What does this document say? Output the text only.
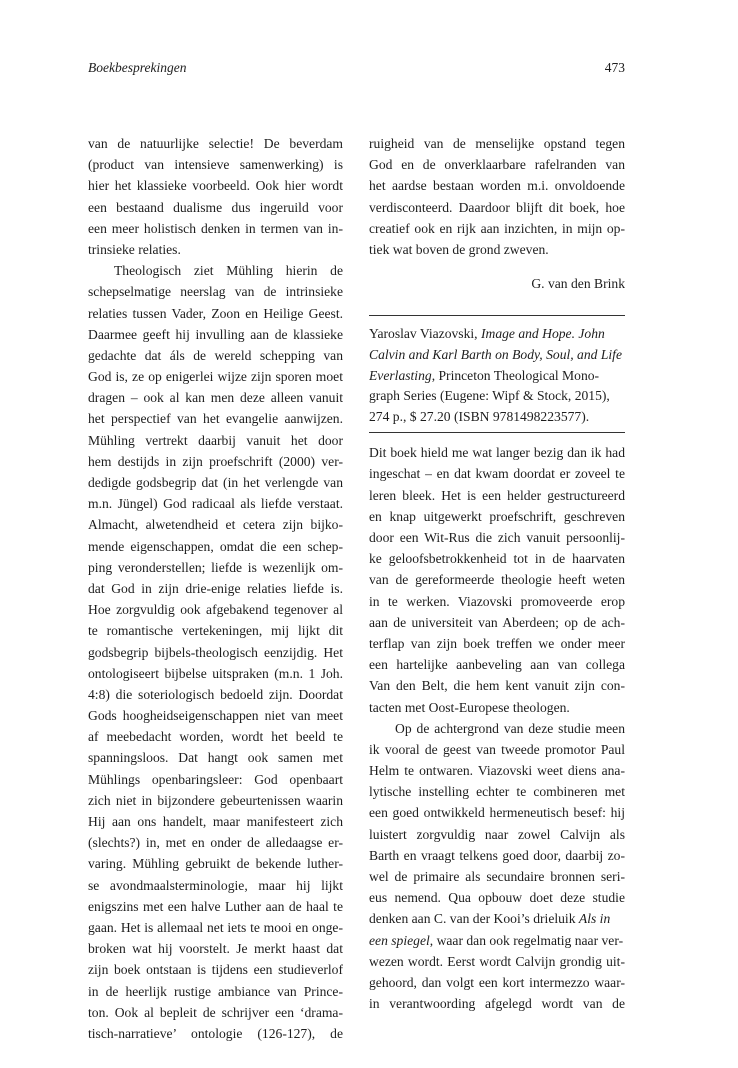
Boekbesprekingen	473
van de natuurlijke selectie! De beverdam
(product van intensieve samenwerking) is
hier het klassieke voorbeeld. Ook hier wordt
een bestaand dualisme dus ingeruild voor
een meer holistisch denken in termen van in-
trinsieke relaties.
Theologisch ziet Mühling hierin de
schepselmatige neerslag van de intrinsieke
relaties tussen Vader, Zoon en Heilige Geest.
Daarmee geeft hij invulling aan de klassieke
gedachte dat áls de wereld schepping van
God is, ze op enigerlei wijze zijn sporen moet
dragen – ook al kan men deze alleen vanuit
het perspectief van het evangelie aanwijzen.
Mühling vertrekt daarbij vanuit het door
hem destijds in zijn proefschrift (2000) ver-
dedigde godsbegrip dat (in het verlengde van
m.n. Jüngel) God radicaal als liefde verstaat.
Almacht, alwetendheid et cetera zijn bijko-
mende eigenschappen, omdat die een schep-
ping veronderstellen; liefde is wezenlijk om-
dat God in zijn drie-enige relaties liefde is.
Hoe zorgvuldig ook afgebakend tegenover al
te romantische vertekeningen, mij lijkt dit
godsbegrip bijbels-theologisch eenzijdig. Het
ontologiseert bijbelse uitspraken (m.n. 1 Joh.
4:8) die soteriologisch bedoeld zijn. Doordat
Gods hoogheidseigenschappen niet van meet
af meebedacht worden, wordt het beeld te
spanningsloos. Dat hangt ook samen met
Mühlings openbaringsleer: God openbaart
zich niet in bijzondere gebeurtenissen waarin
Hij aan ons handelt, maar manifesteert zich
(slechts?) in, met en onder de alledaagse er-
varing. Mühling gebruikt de bekende luther-
se avondmaalsterminologie, maar hij lijkt
enigszins met een halve Luther aan de haal te
gaan. Het is allemaal net iets te mooi en onge-
broken wat hij voorstelt. Je merkt haast dat
zijn boek ontstaan is tijdens een studieverlof
in de heerlijk rustige ambiance van Prince-
ton. Ook al bepleit de schrijver een ‘drama-
tisch-narratieve’ ontologie (126-127), de
ruigheid van de menselijke opstand tegen
God en de onverklaarbare rafelranden van
het aardse bestaan worden m.i. onvoldoende
verdisconteerd. Daardoor blijft dit boek, hoe
creatief ook en rijk aan inzichten, in mijn op-
tiek wat boven de grond zweven.
G. van den Brink
Yaroslav Viazovski, Image and Hope. John
Calvin and Karl Barth on Body, Soul, and Life
Everlasting, Princeton Theological Mono-
graph Series (Eugene: Wipf & Stock, 2015),
274 p., $ 27.20 (ISBN 9781498223577).
Dit boek hield me wat langer bezig dan ik had
ingeschat – en dat kwam doordat er zoveel te
leren bleek. Het is een helder gestructureerd
en knap uitgewerkt proefschrift, geschreven
door een Wit-Rus die zich vanuit persoonlij-
ke geloofsbetrokkenheid tot in de haarvaten
van de gereformeerde theologie heeft weten
in te werken. Viazovski promoveerde erop
aan de universiteit van Aberdeen; op de ach-
terflap van zijn boek treffen we onder meer
een hartelijke aanbeveling aan van collega
Van den Belt, die hem kent vanuit zijn con-
tacten met Oost-Europese theologen.
Op de achtergrond van deze studie meen
ik vooral de geest van tweede promotor Paul
Helm te ontwaren. Viazovski weet diens ana-
lytische instelling echter te combineren met
een goed ontwikkeld hermeneutisch besef: hij
luistert zorgvuldig naar zowel Calvijn als
Barth en vraagt telkens goed door, daarbij zo-
wel de primaire als secundaire bronnen seri-
eus nemend. Qua opbouw doet deze studie
denken aan C. van der Kooi’s drieluik Als in
een spiegel, waar dan ook regelmatig naar ver-
wezen wordt. Eerst wordt Calvijn grondig uit-
gehoord, dan volgt een kort intermezzo waar-
in verantwoording afgelegd wordt van de
